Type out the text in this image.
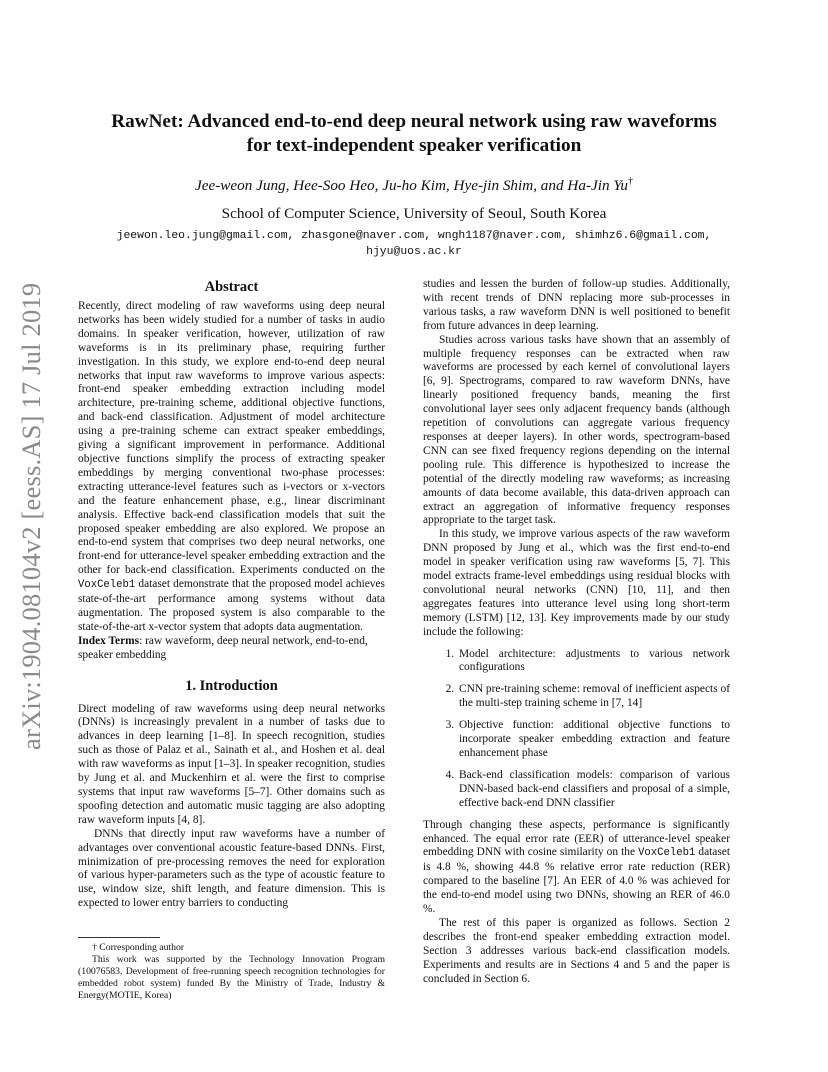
arXiv:1904.08104v2 [eess.AS] 17 Jul 2019
RawNet: Advanced end-to-end deep neural network using raw waveforms
for text-independent speaker verification
Jee-weon Jung, Hee-Soo Heo, Ju-ho Kim, Hye-jin Shim, and Ha-Jin Yu†
School of Computer Science, University of Seoul, South Korea
jeewon.leo.jung@gmail.com, zhasgone@naver.com, wngh1187@naver.com, shimhz6.6@gmail.com,
hjyu@uos.ac.kr
Abstract

Recently, direct modeling of raw waveforms using deep neural networks has been widely studied for a number of tasks in audio domains. In speaker verification, however, utilization of raw waveforms is in its preliminary phase, requiring further investigation. In this study, we explore end-to-end deep neural networks that input raw waveforms to improve various aspects: front-end speaker embedding extraction including model architecture, pre-training scheme, additional objective functions, and back-end classification. Adjustment of model architecture using a pre-training scheme can extract speaker embeddings, giving a significant improvement in performance. Additional objective functions simplify the process of extracting speaker embeddings by merging conventional two-phase processes: extracting utterance-level features such as i-vectors or x-vectors and the feature enhancement phase, e.g., linear discriminant analysis. Effective back-end classification models that suit the proposed speaker embedding are also explored. We propose an end-to-end system that comprises two deep neural networks, one front-end for utterance-level speaker embedding extraction and the other for back-end classification. Experiments conducted on the VoxCeleb1 dataset demonstrate that the proposed model achieves state-of-the-art performance among systems without data augmentation. The proposed system is also comparable to the state-of-the-art x-vector system that adopts data augmentation.

Index Terms: raw waveform, deep neural network, end-to-end, speaker embedding

1. Introduction

Direct modeling of raw waveforms using deep neural networks (DNNs) is increasingly prevalent in a number of tasks due to advances in deep learning [1–8]. In speech recognition, studies such as those of Palaz et al., Sainath et al., and Hoshen et al. deal with raw waveforms as input [1–3]. In speaker recognition, studies by Jung et al. and Muckenhirn et al. were the first to comprise systems that input raw waveforms [5–7]. Other domains such as spoofing detection and automatic music tagging are also adopting raw waveform inputs [4, 8].

DNNs that directly input raw waveforms have a number of advantages over conventional acoustic feature-based DNNs. First, minimization of pre-processing removes the need for exploration of various hyper-parameters such as the type of acoustic feature to use, window size, shift length, and feature dimension. This is expected to lower entry barriers to conducting

† Corresponding author

This work was supported by the Technology Innovation Program (10076583, Development of free-running speech recognition technologies for embedded robot system) funded By the Ministry of Trade, Industry & Energy(MOTIE, Korea)

studies and lessen the burden of follow-up studies. Additionally, with recent trends of DNN replacing more sub-processes in various tasks, a raw waveform DNN is well positioned to benefit from future advances in deep learning.

Studies across various tasks have shown that an assembly of multiple frequency responses can be extracted when raw waveforms are processed by each kernel of convolutional layers [6, 9]. Spectrograms, compared to raw waveform DNNs, have linearly positioned frequency bands, meaning the first convolutional layer sees only adjacent frequency bands (although repetition of convolutions can aggregate various frequency responses at deeper layers). In other words, spectrogram-based CNN can see fixed frequency regions depending on the internal pooling rule. This difference is hypothesized to increase the potential of the directly modeling raw waveforms; as increasing amounts of data become available, this data-driven approach can extract an aggregation of informative frequency responses appropriate to the target task.

In this study, we improve various aspects of the raw waveform DNN proposed by Jung et al., which was the first end-to-end model in speaker verification using raw waveforms [5, 7]. This model extracts frame-level embeddings using residual blocks with convolutional neural networks (CNN) [10, 11], and then aggregates features into utterance level using long short-term memory (LSTM) [12, 13]. Key improvements made by our study include the following:

1. Model architecture: adjustments to various network configurations
2. CNN pre-training scheme: removal of inefficient aspects of the multi-step training scheme in [7, 14]
3. Objective function: additional objective functions to incorporate speaker embedding extraction and feature enhancement phase
4. Back-end classification models: comparison of various DNN-based back-end classifiers and proposal of a simple, effective back-end DNN classifier

Through changing these aspects, performance is significantly enhanced. The equal error rate (EER) of utterance-level speaker embedding DNN with cosine similarity on the VoxCeleb1 dataset is 4.8 %, showing 44.8 % relative error rate reduction (RER) compared to the baseline [7]. An EER of 4.0 % was achieved for the end-to-end model using two DNNs, showing an RER of 46.0 %.

The rest of this paper is organized as follows. Section 2 describes the front-end speaker embedding extraction model. Section 3 addresses various back-end classification models. Experiments and results are in Sections 4 and 5 and the paper is concluded in Section 6.
